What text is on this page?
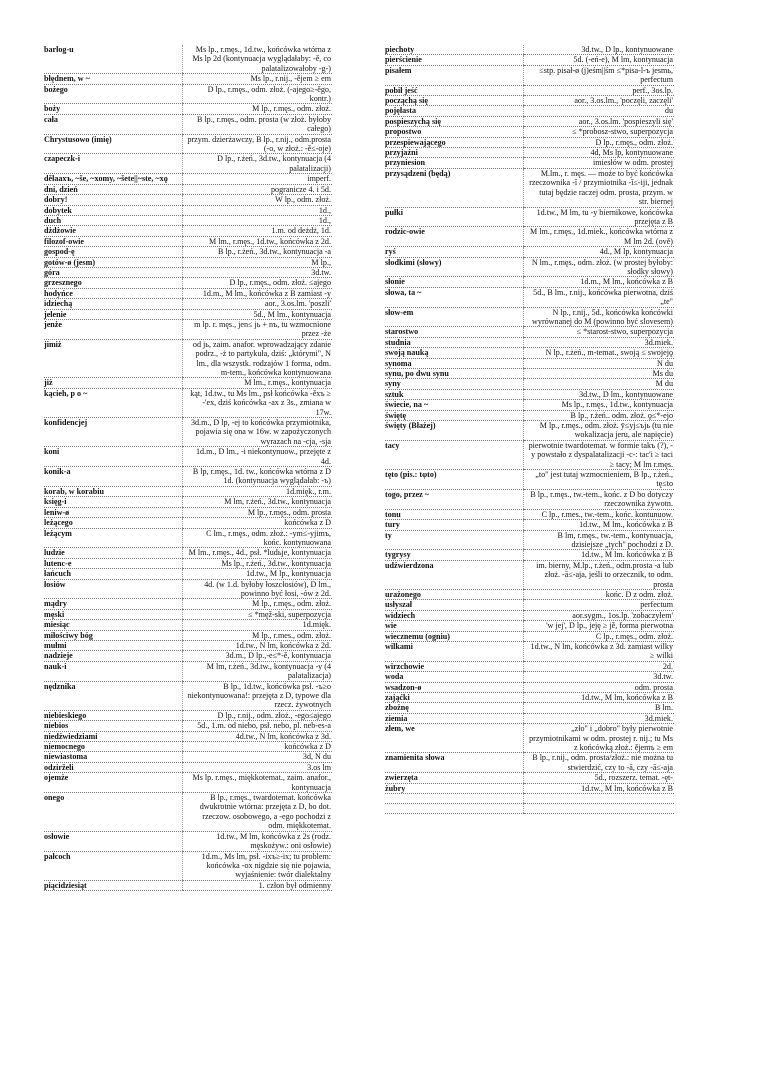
barłog-u	Ms lp., r.męs., 1d.tw., końcówka wtórna z Ms lp 2d (kontynuacja wyglądałaby: -ě, co palatalizowałoby -g-)
błędnem, w ~	Ms lp., r.nij., -ějem ≥ em
bożego	D lp., r.męs., odm. złoż. (-ajego≥-ěgo, kontr.)
boży	M lp., r.męs., odm. złoż.
cała	B lp., r.męs., odm. prosta (w złoż. byłoby całego)
Chrystusowo (imię)	przym. dzierżawczy, B lp., r.nij., odm.prosta (-o, w złoż.: -ě≤-oje)
czapeczk-i	D lp., r.żeń., 3d.tw., kontynuacja (4 palatalizacji)
děłaaxъ, ~še, ~xomy, ~šete||~ste, ~xǫ	imperf.
dni, dzień	pogranicze 4. i 5d.
dobry!	W lp., odm. złoż.
dobytek	1d.,
duch	1d.,
dżdżowie	1.m. od deżdż, 1d.
filozof-owie	M lm., r.męs., 1d.tw., końcówka z 2d.
gospod-ę	B lp., r.żeń., 3d.tw., kontynuacja -a
gotów-ø (jesm)	M lp.,
góra	3d.tw.
grzesznego	D lp., r.męs., odm. złoż. ≤ajego
hodyńce	1d.m., M lm., końcówka z B zamiast -y
idziechą	aor., 3.os.lm. 'poszli'
jelenie	5d., M lm., kontynuacja
jenże	m lp. r. męs., jen≤ jь + nъ, tu wzmocnione przez -że
jimiż	od jь, zaim. anafor. wprowadzający zdanie podrz., -ż to partykuła, dziś: „którymi", N lm., dla wszystk. rodzajów 1 forma, odm. m-tem., końcówka kontynuowana
jiż	M lm., r.męs., kontynuacja
kącieh, p o ~	kąt, 1d.tw., tu Ms lm., psł końcówka -ěxъ ≥ -'ex, dziś końcówka -ax z 3s., zmiana w 17w.
konfidencjej	3d.m., D lp, -ej to końcówka przymiotnika, pojawia się ona w 16w. w zapożyczonych wyrazach na -cja, -sja
koni	1d.m., D lm., -i niekontynuow., przejęte z 4d.
konik-a	B lp, r.męs., 1d. tw., końcówka wtórna z D 1d. (kontynuacja wyglądałab: -ъ)
korab, w korabiu	1d.mięk., r.m.
księg-i	M lm, r.żeń., 3d.tw., kontynuacja
leniw-ø	M lp., r.męs., odm. prosta
leżącego	końcówka z D
leżącym	C lm., r.męs., odm. złoż.: -ym≤-yjimъ, końc. kontynuowana
ludzie	M lm., r.męs., 4d., psł. *ludьje, kontynuacja
lutenc-e	Ms lp., r.żeń., 3d.tw., kontynuacja
łańcuch	1d.tw., M lp., kontynuacja
łosiów	4d. (w 1.d. byłoby łoszcłosiów), D lm., powinno być łosi, -ów z 2d.
mądry	M lp., r.męs., odm. złoż.
męski	≤ *męž-ski, superpozycja
miesiąc	1d.mięk.
miłościwy bóg	M lp., r.mes., odm. złoż.
mułmi	1d.tw., N lm, końcówka z 2d.
nadzieje	3d.m., D lp.,-e≤*-ě, kontynuacja
nauk-i	M lm, r.żeń., 3d.tw., kontynuacja -y (4 palatalizacja)
nędznika	B lp., 1d.tw., końcówka psł. -ъ≥o niekontynuowana!: przejęta z D, typowe dla rzecz. żywotnych
niebieskiego	D lp., r.nij., odm. złoż., -ego≤ajego
niebios	5d., 1.m. od niebo, psł. nebo, pl. neb-es-a
niedźwiedziami	4d.tw., N lm, końcówka z 3d.
niemocnego	końcówka z D
niewiastoma	3d, N du
odzirželi	3.os lm
ojemże	Ms lp. r.męs., miękkotemat., zaim. anafor., kontynuacja
onego	B lp., r.męs., twardotemat. końcówka dwukrotnie wtórna: przejęta z D, bo dot. rzeczow. osobowego, a -ego pochodzi z odm. miękkotemat.
osłowie	1d.tw., M lm, końcówka z 2s (rodz. męskożyw.: oni osłowie)
pałcoch	1d.m., Ms lm, psł. -ixъ≥-ix; tu problem: końcówka -ox nigdzie się nie pojawia, wyjaśnienie: twór dialektalny
piącidziesiąt	1. człon był odmienny
piechoty	3d.tw., D lp., kontynuowane
pierścienie	5d. (-eń-e), M lm, kontynuacja
pisałem	≤stp. pisał-ø (j)eśm||śm ≤*pisa-l-ъ jesmь, perfectum
pobił jeść	perf., 3os.lp.
począchą się	aor., 3.os.lm., 'poczęli, zaczęli'
pojęłasta	du
pospieszychą się	aor., 3.os.lm. 'pospieszyli się'
propostwo	≤ *probosz-stwo, superpozycja
przespiewającego	D lp., r.męs., odm. złoż.
przyjaźni	4d, Ms lp, kontynuowane
przyniesion	imiesłów w odm. prostej
przysądzeni (będą)	M.lm., r. męs. — może to być końcówka rzeczownika -ǐ / przymiotnika -ǐ≤-iji, jednak tutaj będzie raczej odm. prosta, przym. w str. biernej
pułki	1d.tw., M lm, tu -y biernikowe, końcówka przejęta z B
rodzic-owie	M lm., r.męs., 1d.miek., końcówka wtórna z M lm 2d. (ově)
ryś	4d., M lp, kontynuacja
słodkimi (słowy)	N lm., r.męs., odm. złoż. (w prostej byłoby: słodky słowy)
słonie	1d.m., M lm., końcówka z B
słowa, ta ~	5d., B lm., r.nij., końcówka pierwotna, dziś „te"
słow-em	N lp., r.nij., 5d., końcówka końcówki wyrównanej do M (powinno być slovesem)
starostwo	≤ *starost-stwo, superpozycja
studnia	3d.miek.
swoją nauką	N lp., r.żeń., m-temat., swoją ≤ swojejǫ
synoma	N du
synu, po dwu synu	Ms du
syny	M du
sztuk	3d.tw., D lm., kontynuowane
świecie, na ~	Ms lp., r.męs., 1d.tw., kontynuacja
świętę	B lp., r.żeń.. odm. złoż. ǫ≤*-ejo
święty (Błażej)	M lp., r.męs., odm. złoż. ȳ≤yj≤ъjь (tu nie wokalizacja jeru, ale napięcie)
tacy	pierwotnie twardotemat. w formie takъ (?), -y powstało z dyspalatalizacji -c-: tac'i ≥ taci ≥ tacy; M lm r.męs.
tęto (pis.: tφto)	„to" jest tutaj wzmocnieniem, B lp., r.żeń., tę≤to
togo, przez ~	B lp., r.męs., tw.-tem., końc. z D bo dotyczy rzeczownika żywotn.
tonu	C lp., r.mes., tw.-tem., końc. kontunuow.
tury	1d.tw., M lm., końcówka z B
ty	B lm, r.męs., tw.-tem., kontynuacja, dzisiejsze „tych" pochodzi z D.
tygrysy	1d.tw., M lm. końcówka z B
udźwierdzona	im. bierny, M.lp., r.żeń., odm.prosta -a lub złoż. -ā≤-aja, jeśli to orzecznik, to odm. prosta
urażonego	końc. D z odm. złoż.
usłyszał	perfectum
widziech	aor.sygm., 1os.lp. 'zobaczyłem'
wie	'w jej', D lp., jeję ≥ jě, forma pierwotna
wiecznemu (ogniu)	C lp., r.męs., odm. złoż.
wilkami	1d.tw., N lm, końcówka z 3d. zamiast wilky ≥ wilki
wirzchowie	2d.
woda	3d.tw.
wsadzon-ø	odm. prosta
zająćki	1d.tw., M lm, końcówka z B
zbożnę	B lm.
ziemia	3d.miek.
złem, we	„zło" i „dobro" były pierwotnie przymiotnikami w odm. prostej r. nij.; tu Ms z końcówką złoż.: ějemъ ≥ em
znamienita słowa	B lp., r.nij., odm. prosta/złoż.: nie można tu stwierdzić, czy to -ā, czy -ā≤-aja
zwierzęta	5d., rozszerz. temat. -ęt-
żubry	1d.tw., M lm, końcówka z B
